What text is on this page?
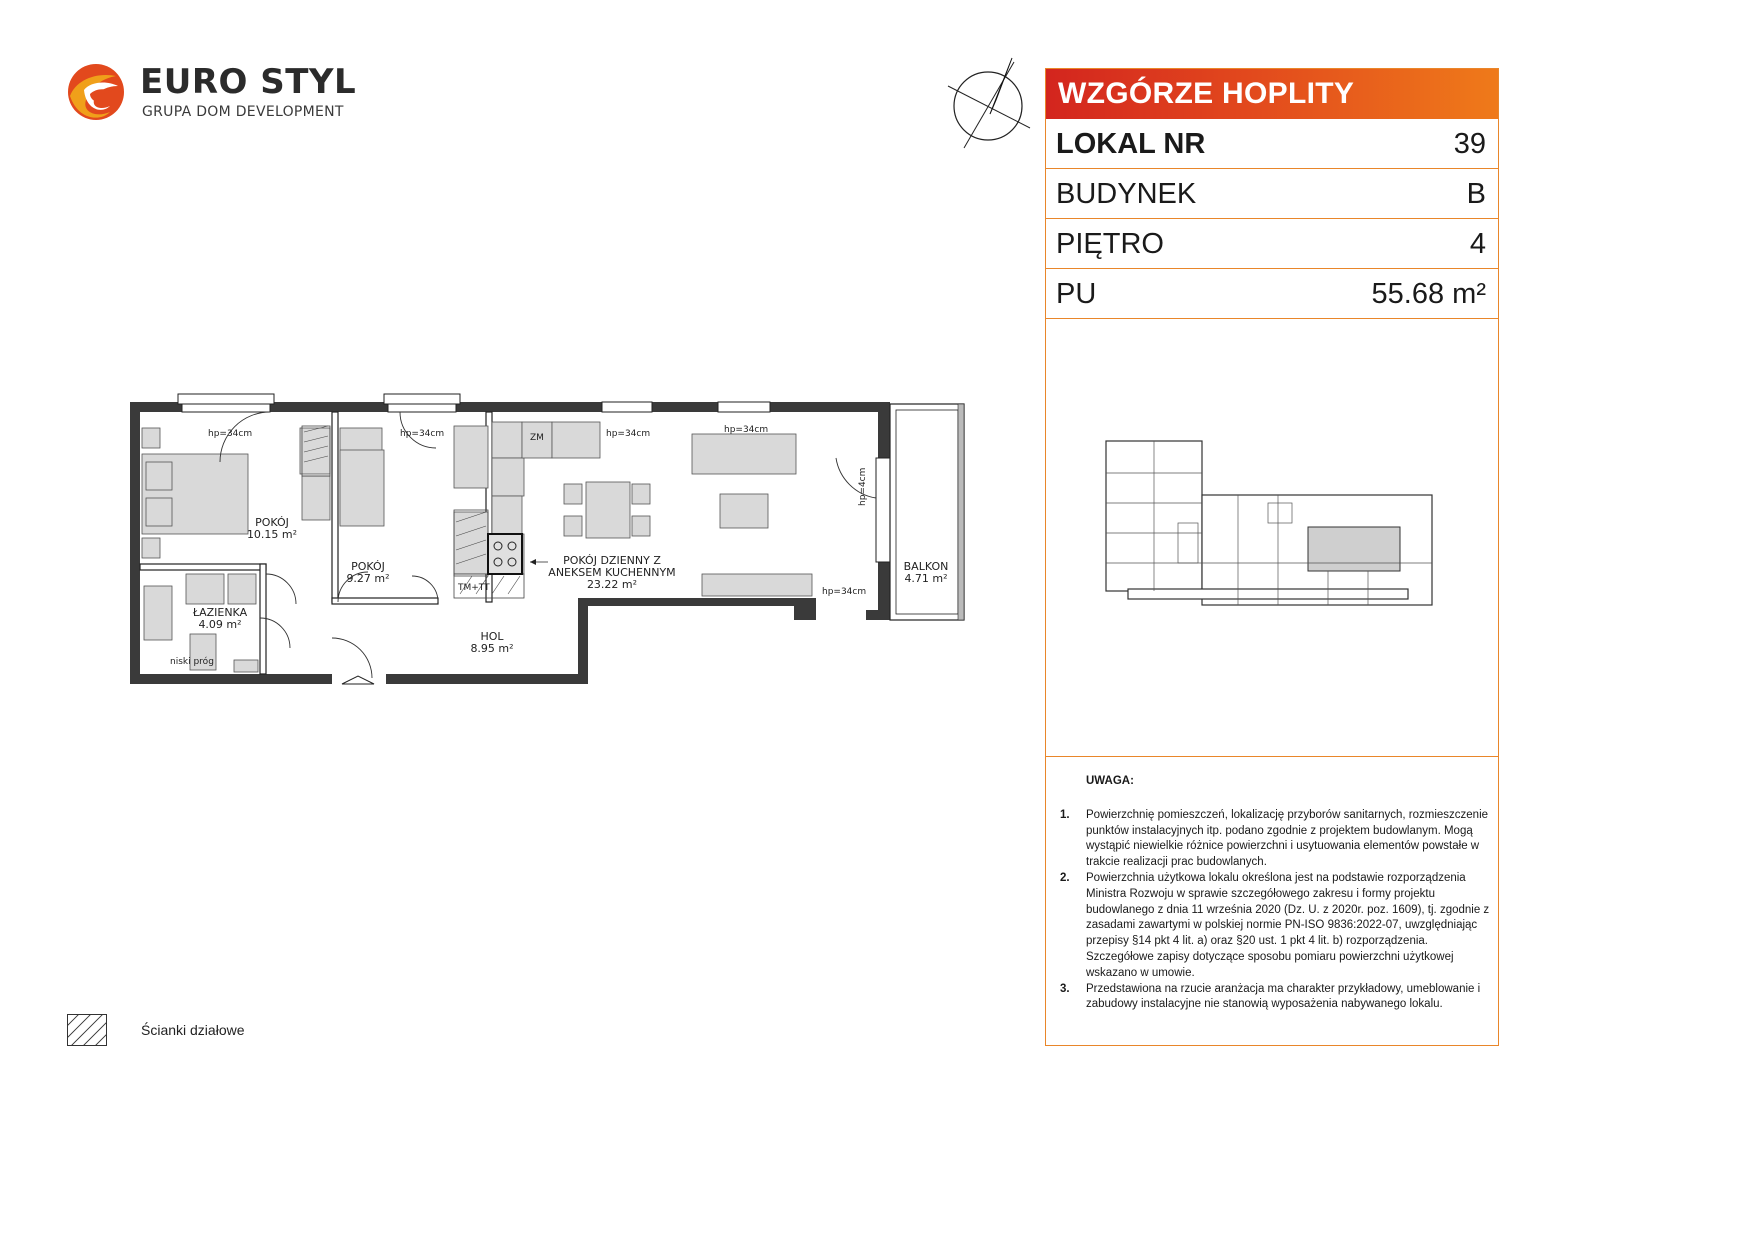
EURO STYL
GRUPA DOM DEVELOPMENT
POKÓJ
10.15 m²
POKÓJ
9.27 m²
ŁAZIENKA
4.09 m²
POKÓJ DZIENNY Z
ANEKSEM KUCHENNYM
23.22 m²
HOL
8.95 m²
BALKON
4.71 m²
hp=34cm	hp=34cm	hp=34cm	hp=34cm
hp=34cm
hp=4cm
ZM
TM+TT
niski próg
WZGÓRZE HOPLITY
LOKAL NR	39
BUDYNEK	B
PIĘTRO	4
PU	55.68 m²
UWAGA:
1. Powierzchnię pomieszczeń, lokalizację przyborów sanitarnych, rozmieszczenie punktów instalacyjnych itp. podano zgodnie z projektem budowlanym. Mogą wystąpić niewielkie różnice powierzchni i usytuowania elementów powstałe w trakcie realizacji prac budowlanych.
2. Powierzchnia użytkowa lokalu określona jest na podstawie rozporządzenia Ministra Rozwoju w sprawie szczegółowego zakresu i formy projektu budowlanego z dnia 11 września 2020 (Dz. U. z 2020r. poz. 1609), tj. zgodnie z zasadami zawartymi w polskiej normie PN-ISO 9836:2022-07, uwzględniając przepisy §14 pkt 4 lit. a) oraz §20 ust. 1 pkt 4 lit. b) rozporządzenia. Szczegółowe zapisy dotyczące sposobu pomiaru powierzchni użytkowej wskazano w umowie.
3. Przedstawiona na rzucie aranżacja ma charakter przykładowy, umeblowanie i zabudowy instalacyjne nie stanowią wyposażenia nabywanego lokalu.
Ścianki działowe
